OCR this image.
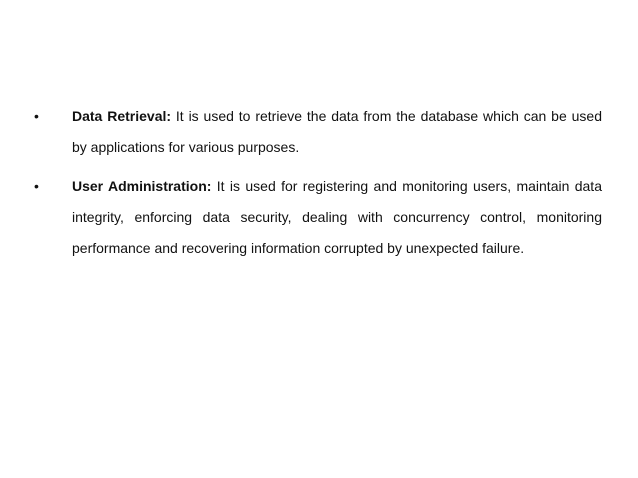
•	Data Retrieval: It is used to retrieve the data from the database which can be used by applications for various purposes.
•	User Administration: It is used for registering and monitoring users, maintain data integrity, enforcing data security, dealing with concurrency control, monitoring performance and recovering information corrupted by unexpected failure.
